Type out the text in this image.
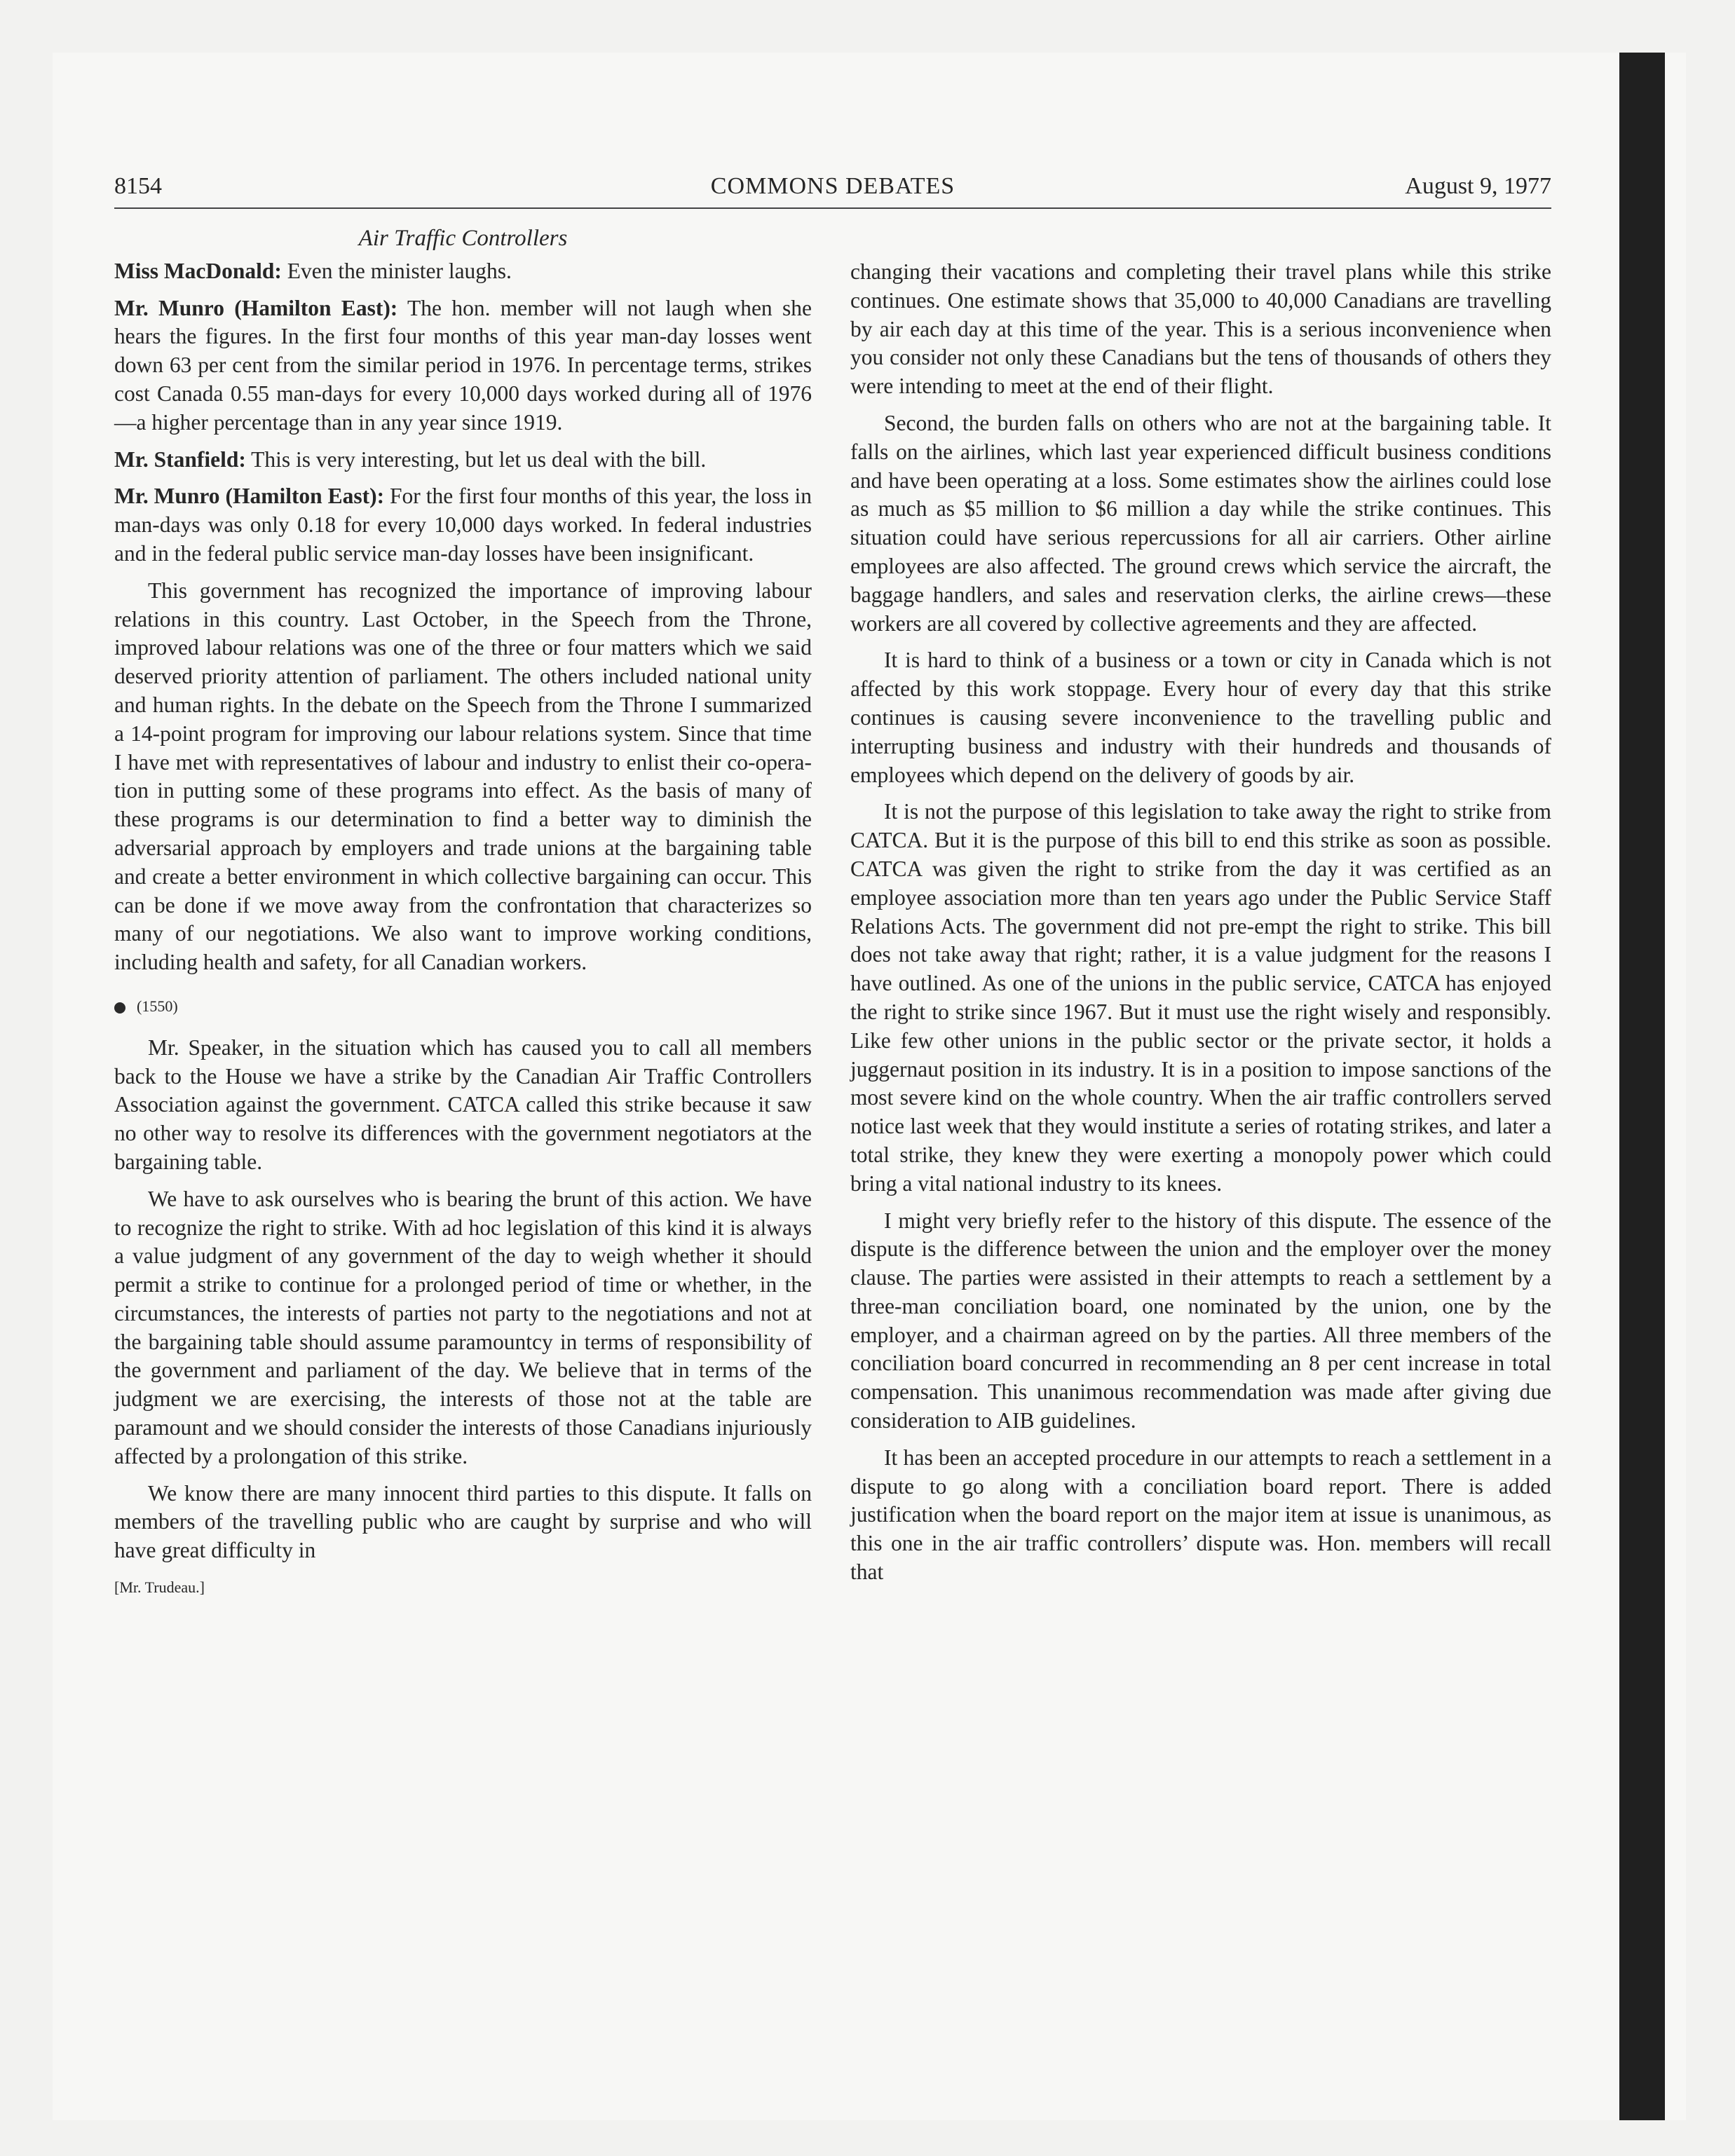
8154	COMMONS DEBATES	August 9, 1977
Air Traffic Controllers

Miss MacDonald: Even the minister laughs.

Mr. Munro (Hamilton East): The hon. member will not laugh when she hears the figures. In the first four months of this year man-day losses went down 63 per cent from the similar period in 1976. In percentage terms, strikes cost Canada 0.55 man-days for every 10,000 days worked during all of 1976—a higher percentage than in any year since 1919.

Mr. Stanfield: This is very interesting, but let us deal with the bill.

Mr. Munro (Hamilton East): For the first four months of this year, the loss in man-days was only 0.18 for every 10,000 days worked. In federal industries and in the federal public service man-day losses have been insignificant.

This government has recognized the importance of improving labour relations in this country. Last October, in the Speech from the Throne, improved labour relations was one of the three or four matters which we said deserved priority attention of parliament. The others included national unity and human rights. In the debate on the Speech from the Throne I summarized a 14-point program for improving our labour relations system. Since that time I have met with representatives of labour and industry to enlist their co-operation in putting some of these programs into effect. As the basis of many of these programs is our determination to find a better way to diminish the adversarial approach by employers and trade unions at the bargaining table and create a better environment in which collective bargaining can occur. This can be done if we move away from the confrontation that characterizes so many of our negotiations. We also want to improve working conditions, including health and safety, for all Canadian workers.

(1550)

Mr. Speaker, in the situation which has caused you to call all members back to the House we have a strike by the Canadian Air Traffic Controllers Association against the government. CATCA called this strike because it saw no other way to resolve its differences with the government negotiators at the bargaining table.

We have to ask ourselves who is bearing the brunt of this action. We have to recognize the right to strike. With ad hoc legislation of this kind it is always a value judgment of any government of the day to weigh whether it should permit a strike to continue for a prolonged period of time or whether, in the circumstances, the interests of parties not party to the negotiations and not at the bargaining table should assume paramountcy in terms of responsibility of the government and parliament of the day. We believe that in terms of the judgment we are exercising, the interests of those not at the table are paramount and we should consider the interests of those Canadians injuriously affected by a prolongation of this strike.

We know there are many innocent third parties to this dispute. It falls on members of the travelling public who are caught by surprise and who will have great difficulty in

[Mr. Trudeau.]

changing their vacations and completing their travel plans while this strike continues. One estimate shows that 35,000 to 40,000 Canadians are travelling by air each day at this time of the year. This is a serious inconvenience when you consider not only these Canadians but the tens of thousands of others they were intending to meet at the end of their flight.

Second, the burden falls on others who are not at the bargaining table. It falls on the airlines, which last year experienced difficult business conditions and have been operating at a loss. Some estimates show the airlines could lose as much as $5 million to $6 million a day while the strike continues. This situation could have serious repercussions for all air carriers. Other airline employees are also affected. The ground crews which service the aircraft, the baggage handlers, and sales and reservation clerks, the airline crews—these workers are all covered by collective agreements and they are affected.

It is hard to think of a business or a town or city in Canada which is not affected by this work stoppage. Every hour of every day that this strike continues is causing severe inconvenience to the travelling public and interrupting business and industry with their hundreds and thousands of employees which depend on the delivery of goods by air.

It is not the purpose of this legislation to take away the right to strike from CATCA. But it is the purpose of this bill to end this strike as soon as possible. CATCA was given the right to strike from the day it was certified as an employee association more than ten years ago under the Public Service Staff Relations Acts. The government did not pre-empt the right to strike. This bill does not take away that right; rather, it is a value judgment for the reasons I have outlined. As one of the unions in the public service, CATCA has enjoyed the right to strike since 1967. But it must use the right wisely and responsibly. Like few other unions in the public sector or the private sector, it holds a juggernaut position in its industry. It is in a position to impose sanctions of the most severe kind on the whole country. When the air traffic controllers served notice last week that they would institute a series of rotating strikes, and later a total strike, they knew they were exerting a monopoly power which could bring a vital national industry to its knees.

I might very briefly refer to the history of this dispute. The essence of the dispute is the difference between the union and the employer over the money clause. The parties were assisted in their attempts to reach a settlement by a three-man conciliation board, one nominated by the union, one by the employer, and a chairman agreed on by the parties. All three members of the conciliation board concurred in recommending an 8 per cent increase in total compensation. This unanimous recommendation was made after giving due consideration to AIB guidelines.

It has been an accepted procedure in our attempts to reach a settlement in a dispute to go along with a conciliation board report. There is added justification when the board report on the major item at issue is unanimous, as this one in the air traffic controllers’ dispute was. Hon. members will recall that
